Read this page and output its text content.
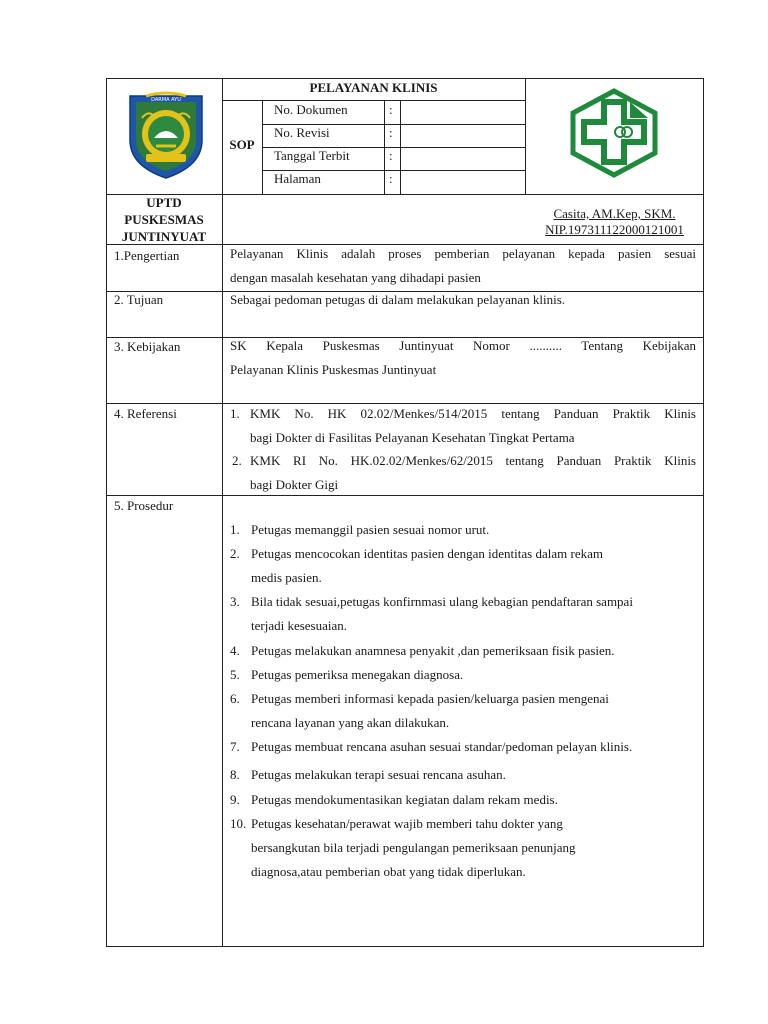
DARMA AYU
PELAYANAN KLINIS
SOP
No. Dokumen	:
No. Revisi	:
Tanggal Terbit	:
Halaman	:
UPTD
PUSKESMAS
JUNTINYUAT
Casita, AM.Kep, SKM.
NIP.197311122000121001
1.Pengertian	Pelayanan Klinis adalah proses pemberian pelayanan kepada pasien sesuai
dengan masalah kesehatan yang dihadapi pasien
2. Tujuan	Sebagai pedoman petugas di dalam melakukan pelayanan klinis.
3. Kebijakan	SK Kepala Puskesmas Juntinyuat Nomor .......... Tentang Kebijakan
Pelayanan Klinis Puskesmas Juntinyuat
4. Referensi	1. KMK No. HK 02.02/Menkes/514/2015 tentang Panduan Praktik Klinis
bagi Dokter di Fasilitas Pelayanan Kesehatan Tingkat Pertama
2. KMK RI No. HK.02.02/Menkes/62/2015 tentang Panduan Praktik Klinis
bagi Dokter Gigi
5. Prosedur
1. Petugas memanggil pasien sesuai nomor urut.
2. Petugas mencocokan identitas pasien dengan identitas dalam rekam
medis pasien.
3. Bila tidak sesuai,petugas konfirnmasi ulang kebagian pendaftaran sampai
terjadi kesesuaian.
4. Petugas melakukan anamnesa penyakit ,dan pemeriksaan fisik pasien.
5. Petugas pemeriksa menegakan diagnosa.
6. Petugas memberi informasi kepada pasien/keluarga pasien mengenai
rencana layanan yang akan dilakukan.
7. Petugas membuat rencana asuhan sesuai standar/pedoman pelayan klinis.
8. Petugas melakukan terapi sesuai rencana asuhan.
9. Petugas mendokumentasikan kegiatan dalam rekam medis.
10. Petugas kesehatan/perawat wajib memberi tahu dokter yang
bersangkutan bila terjadi pengulangan pemeriksaan penunjang
diagnosa,atau pemberian obat yang tidak diperlukan.
